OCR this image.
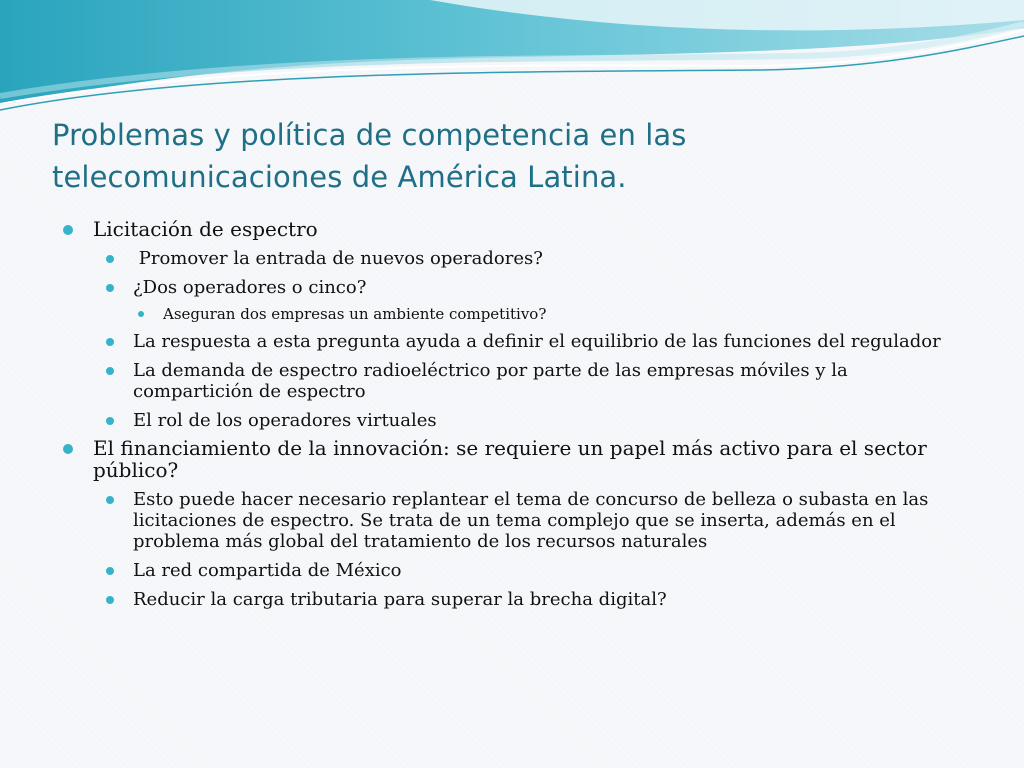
Problemas y política de competencia en las
telecomunicaciones de América Latina.
Licitación de espectro
Promover la entrada de nuevos operadores?
¿Dos operadores o cinco?
Aseguran dos empresas un ambiente competitivo?
La respuesta a esta pregunta ayuda a definir el equilibrio de las funciones del regulador
La demanda de espectro radioeléctrico por parte de las empresas móviles y la compartición de espectro
El rol de los operadores virtuales
El financiamiento de la innovación: se requiere un papel más activo para el sector público?
Esto puede hacer necesario replantear el tema de concurso de belleza o subasta en las licitaciones de espectro. Se trata de un tema complejo que se inserta, además en el problema más global del tratamiento de los recursos naturales
La red compartida de México
Reducir la carga tributaria para superar la brecha digital?
